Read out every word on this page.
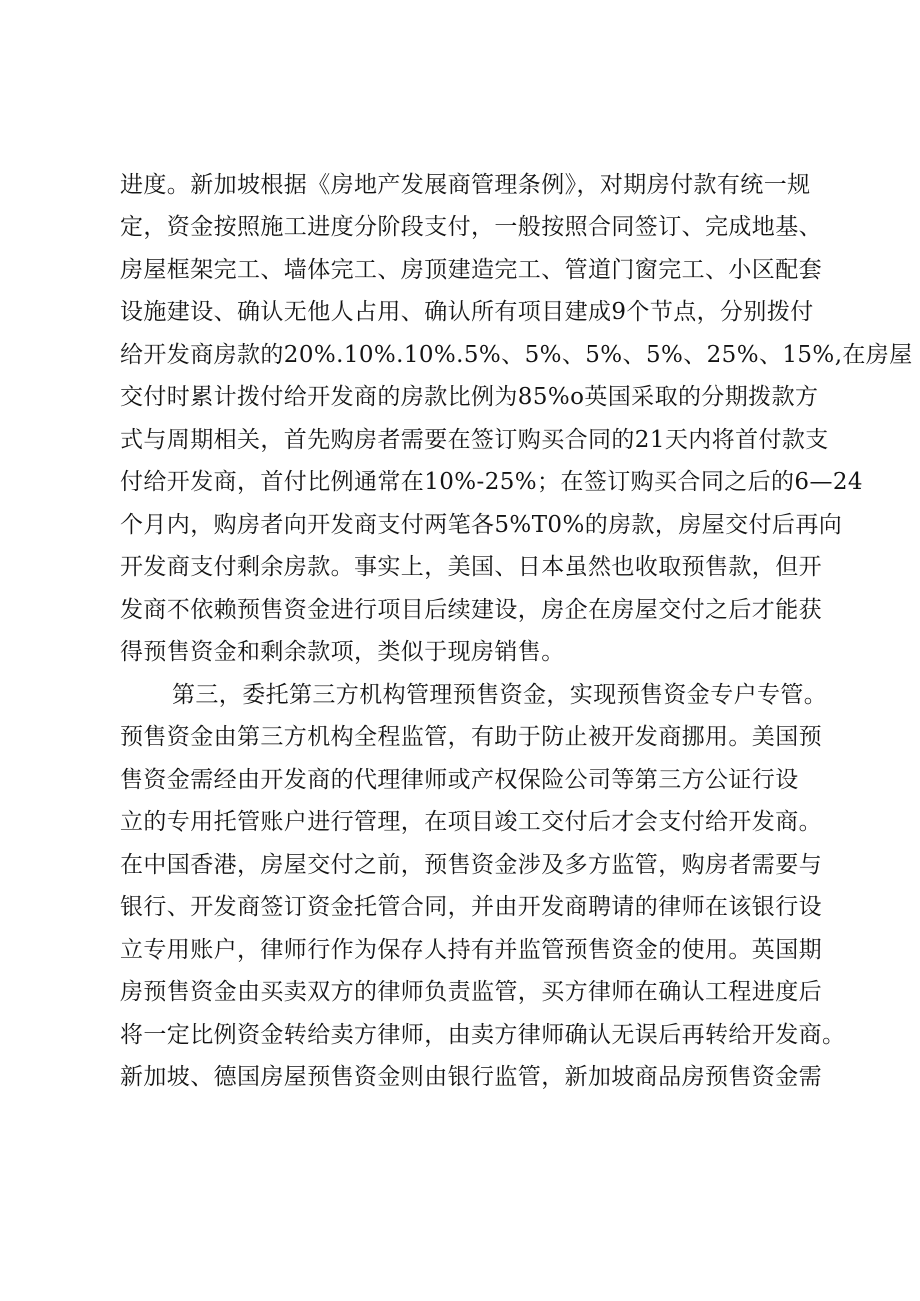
进度。新加坡根据《房地产发展商管理条例》，对期房付款有统一规
定，资金按照施工进度分阶段支付，一般按照合同签订、完成地基、
房屋框架完工、墙体完工、房顶建造完工、管道门窗完工、小区配套
设施建设、确认无他人占用、确认所有项目建成9个节点，分别拨付
给开发商房款的20%.10%.10%.5%、5%、5%、5%、25%、15%,在房屋
交付时累计拨付给开发商的房款比例为85%o英国采取的分期拨款方
式与周期相关，首先购房者需要在签订购买合同的21天内将首付款支
付给开发商，首付比例通常在10%-25%；在签订购买合同之后的6—24
个月内，购房者向开发商支付两笔各5%T0%的房款，房屋交付后再向
开发商支付剩余房款。事实上，美国、日本虽然也收取预售款，但开
发商不依赖预售资金进行项目后续建设，房企在房屋交付之后才能获
得预售资金和剩余款项，类似于现房销售。
第三，委托第三方机构管理预售资金，实现预售资金专户专管。
预售资金由第三方机构全程监管，有助于防止被开发商挪用。美国预
售资金需经由开发商的代理律师或产权保险公司等第三方公证行设
立的专用托管账户进行管理，在项目竣工交付后才会支付给开发商。
在中国香港，房屋交付之前，预售资金涉及多方监管，购房者需要与
银行、开发商签订资金托管合同，并由开发商聘请的律师在该银行设
立专用账户，律师行作为保存人持有并监管预售资金的使用。英国期
房预售资金由买卖双方的律师负责监管，买方律师在确认工程进度后
将一定比例资金转给卖方律师，由卖方律师确认无误后再转给开发商。
新加坡、德国房屋预售资金则由银行监管，新加坡商品房预售资金需
